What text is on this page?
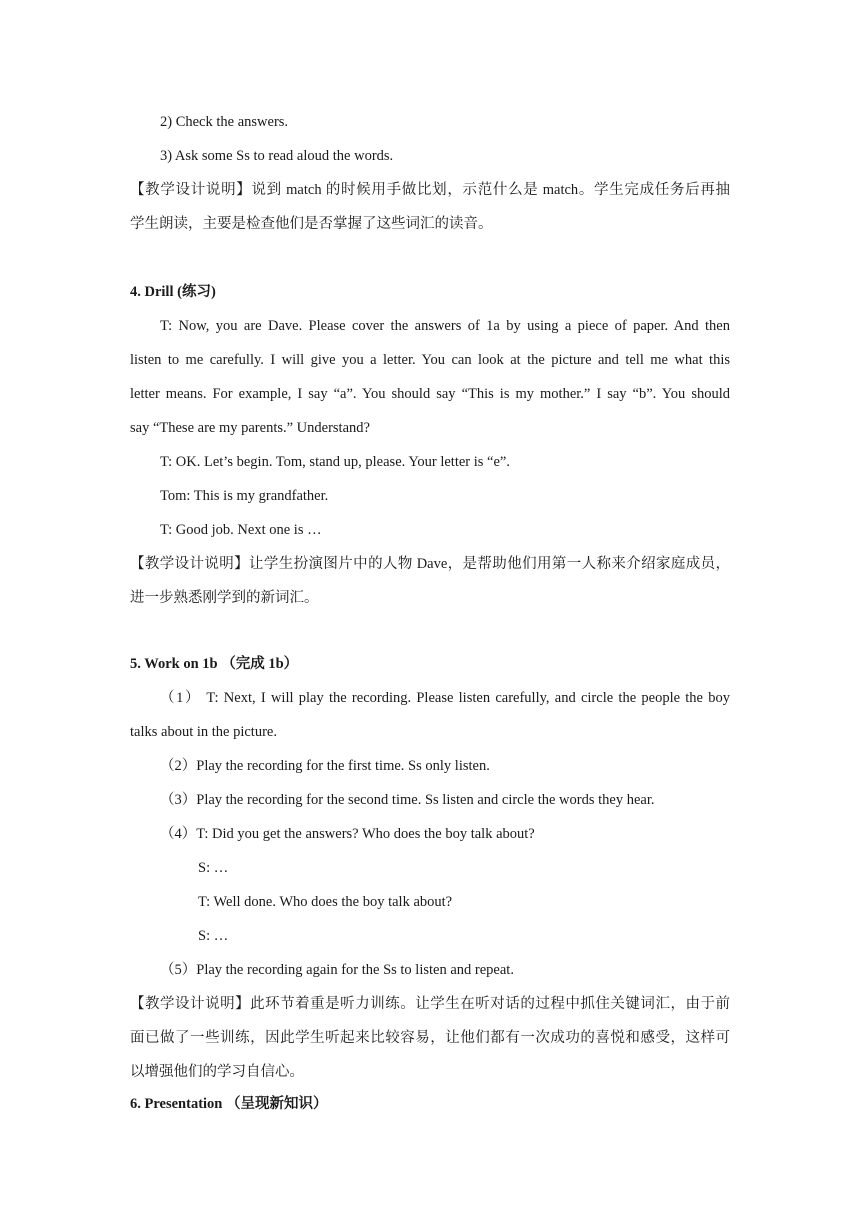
2) Check the answers.
3) Ask some Ss to read aloud the words.
【教学设计说明】说到 match 的时候用手做比划，示范什么是 match。学生完成任务后再抽
学生朗读，主要是检查他们是否掌握了这些词汇的读音。
4. Drill (练习)
T: Now, you are Dave. Please cover the answers of 1a by using a piece of paper. And then
listen to me carefully. I will give you a letter. You can look at the picture and tell me what this
letter means. For example, I say “a”. You should say “This is my mother.” I say “b”. You should
say “These are my parents.” Understand?
T: OK. Let’s begin. Tom, stand up, please. Your letter is “e”.
Tom: This is my grandfather.
T: Good job. Next one is …
【教学设计说明】让学生扮演图片中的人物 Dave，是帮助他们用第一人称来介绍家庭成员，
进一步熟悉刚学到的新词汇。
5. Work on 1b （完成 1b）
（1） T: Next, I will play the recording. Please listen carefully, and circle the people the boy
talks about in the picture.
（2）Play the recording for the first time. Ss only listen.
（3）Play the recording for the second time. Ss listen and circle the words they hear.
（4）T: Did you get the answers? Who does the boy talk about?
S: …
T: Well done. Who does the boy talk about?
S: …
（5）Play the recording again for the Ss to listen and repeat.
【教学设计说明】此环节着重是听力训练。让学生在听对话的过程中抓住关键词汇，由于前
面已做了一些训练，因此学生听起来比较容易，让他们都有一次成功的喜悦和感受，这样可
以增强他们的学习自信心。
6. Presentation （呈现新知识）
